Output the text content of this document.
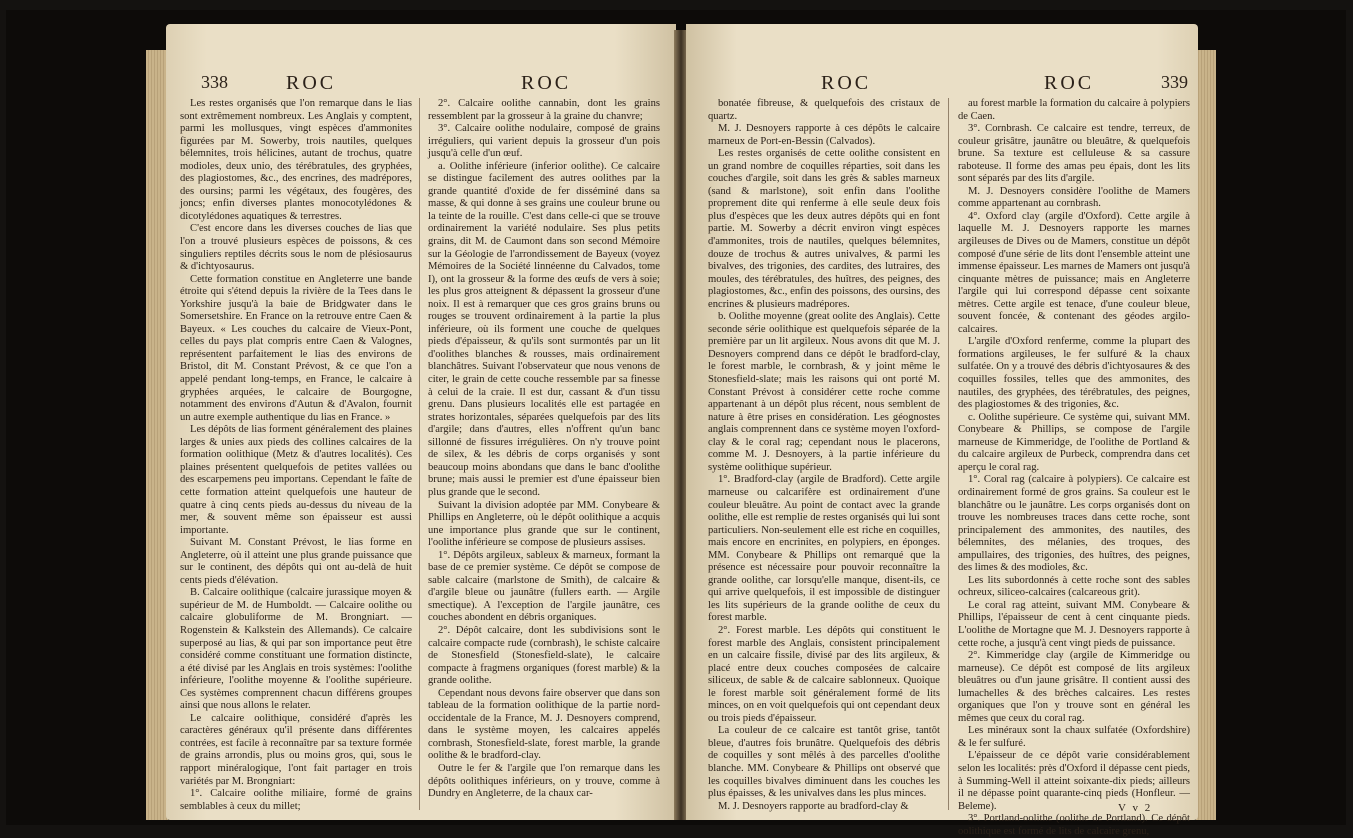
338	ROC	ROC

Les restes organisés que l'on remarque dans le lias sont extrêmement nombreux. Les Anglais y comptent, parmi les mollusques, vingt espèces d'ammonites figurées par M. Sowerby, trois nautiles, quelques bélemnites, trois hélicines, autant de trochus, quatre modioles, deux unio, des térébratules, des gryphées, des plagiostomes, &c., des encrines, des madrépores, des oursins; parmi les végétaux, des fougères, des joncs; enfin diverses plantes monocotylédones & dicotylédones aquatiques & terrestres.

C'est encore dans les diverses couches de lias que l'on a trouvé plusieurs espèces de poissons, & ces singuliers reptiles décrits sous le nom de plésiosaurus & d'ichtyosaurus.

Cette formation constitue en Angleterre une bande étroite qui s'étend depuis la rivière de la Tees dans le Yorkshire jusqu'à la baie de Bridgwater dans le Somersetshire. En France on la retrouve entre Caen & Bayeux. « Les couches du calcaire de Vieux-Pont, celles du pays plat compris entre Caen & Valognes, représentent parfaitement le lias des environs de Bristol, dit M. Constant Prévost, & ce que l'on a appelé pendant long-temps, en France, le calcaire à gryphées arquées, le calcaire de Bourgogne, notamment des environs d'Autun & d'Avalon, fournit un autre exemple authentique du lias en France. »

Les dépôts de lias forment généralement des plaines larges & unies aux pieds des collines calcaires de la formation oolithique (Metz & d'autres localités). Ces plaines présentent quelquefois de petites vallées ou des escarpemens peu importans. Cependant le faîte de cette formation atteint quelquefois une hauteur de quatre à cinq cents pieds au-dessus du niveau de la mer, & souvent même son épaisseur est aussi importante.

Suivant M. Constant Prévost, le lias forme en Angleterre, où il atteint une plus grande puissance que sur le continent, des dépôts qui ont au-delà de huit cents pieds d'élévation.

B. Calcaire oolithique (calcaire jurassique moyen & supérieur de M. de Humboldt. — Calcaire oolithe ou calcaire globuliforme de M. Brongniart. — Rogenstein & Kalkstein des Allemands). Ce calcaire superposé au lias, & qui par son importance peut être considéré comme constituant une formation distincte, a été divisé par les Anglais en trois systèmes: l'oolithe inférieure, l'oolithe moyenne & l'oolithe supérieure. Ces systèmes comprennent chacun différens groupes ainsi que nous allons le relater.

Le calcaire oolithique, considéré d'après les caractères généraux qu'il présente dans différentes contrées, est facile à reconnaître par sa texture formée de grains arrondis, plus ou moins gros, qui, sous le rapport minéralogique, l'ont fait partager en trois variétés par M. Brongniart:

1°. Calcaire oolithe miliaire, formé de grains semblables à ceux du millet;

2°. Calcaire oolithe cannabin, dont les grains ressemblent par la grosseur à la graine du chanvre;

3°. Calcaire oolithe nodulaire, composé de grains irréguliers, qui varient depuis la grosseur d'un pois jusqu'à celle d'un œuf.

a. Oolithe inférieure (inferior oolithe). Ce calcaire se distingue facilement des autres oolithes par la grande quantité d'oxide de fer disséminé dans sa masse, & qui donne à ses grains une couleur brune ou la teinte de la rouille. C'est dans celle-ci que se trouve ordinairement la variété nodulaire. Ses plus petits grains, dit M. de Caumont dans son second Mémoire sur la Géologie de l'arrondissement de Bayeux (voyez Mémoires de la Société linnéenne du Calvados, tome I), ont la grosseur & la forme des œufs de vers à soie; les plus gros atteignent & dépassent la grosseur d'une noix. Il est à remarquer que ces gros grains bruns ou rouges se trouvent ordinairement à la partie la plus inférieure, où ils forment une couche de quelques pieds d'épaisseur, & qu'ils sont surmontés par un lit d'oolithes blanches & rousses, mais ordinairement blanchâtres. Suivant l'observateur que nous venons de citer, le grain de cette couche ressemble par sa finesse à celui de la craie. Il est dur, cassant & d'un tissu grenu. Dans plusieurs localités elle est partagée en strates horizontales, séparées quelquefois par des lits d'argile; dans d'autres, elles n'offrent qu'un banc sillonné de fissures irrégulières. On n'y trouve point de silex, & les débris de corps organisés y sont beaucoup moins abondans que dans le banc d'oolithe brune; mais aussi le premier est d'une épaisseur bien plus grande que le second.

Suivant la division adoptée par MM. Conybeare & Phillips en Angleterre, où le dépôt oolithique a acquis une importance plus grande que sur le continent, l'oolithe inférieure se compose de plusieurs assises.

1°. Dépôts argileux, sableux & marneux, formant la base de ce premier système. Ce dépôt se compose de sable calcaire (marlstone de Smith), de calcaire & d'argile bleue ou jaunâtre (fullers earth. — Argile smectique). A l'exception de l'argile jaunâtre, ces couches abondent en débris organiques.

2°. Dépôt calcaire, dont les subdivisions sont le calcaire compacte rude (cornbrash), le schiste calcaire de Stonesfield (Stonesfield-slate), le calcaire compacte à fragmens organiques (forest marble) & la grande oolithe.

Cependant nous devons faire observer que dans son tableau de la formation oolithique de la partie nord-occidentale de la France, M. J. Desnoyers comprend, dans le système moyen, les calcaires appelés cornbrash, Stonesfield-slate, forest marble, la grande oolithe & le bradford-clay.

Outre le fer & l'argile que l'on remarque dans les dépôts oolithiques inférieurs, on y trouve, comme à Dundry en Angleterre, de la chaux car-

ROC	ROC	339

bonatée fibreuse, & quelquefois des cristaux de quartz.

M. J. Desnoyers rapporte à ces dépôts le calcaire marneux de Port-en-Bessin (Calvados).

Les restes organisés de cette oolithe consistent en un grand nombre de coquilles réparties, soit dans les couches d'argile, soit dans les grès & sables marneux (sand & marlstone), soit enfin dans l'oolithe proprement dite qui renferme à elle seule deux fois plus d'espèces que les deux autres dépôts qui en font partie. M. Sowerby a décrit environ vingt espèces d'ammonites, trois de nautiles, quelques bélemnites, douze de trochus & autres univalves, & parmi les bivalves, des trigonies, des cardites, des lutraires, des moules, des térébratules, des huîtres, des peignes, des plagiostomes, &c., enfin des poissons, des oursins, des encrines & plusieurs madrépores.

b. Oolithe moyenne (great oolite des Anglais). Cette seconde série oolithique est quelquefois séparée de la première par un lit argileux. Nous avons dit que M. J. Desnoyers comprend dans ce dépôt le bradford-clay, le forest marble, le cornbrash, & y joint même le Stonesfield-slate; mais les raisons qui ont porté M. Constant Prévost à considérer cette roche comme appartenant à un dépôt plus récent, nous semblent de nature à être prises en considération. Les géognostes anglais comprennent dans ce système moyen l'oxford-clay & le coral rag; cependant nous le placerons, comme M. J. Desnoyers, à la partie inférieure du système oolithique supérieur.

1°. Bradford-clay (argile de Bradford). Cette argile marneuse ou calcarifère est ordinairement d'une couleur bleuâtre. Au point de contact avec la grande oolithe, elle est remplie de restes organisés qui lui sont particuliers. Non-seulement elle est riche en coquilles, mais encore en encrinites, en polypiers, en éponges. MM. Conybeare & Phillips ont remarqué que la présence est nécessaire pour pouvoir reconnaître la grande oolithe, car lorsqu'elle manque, disent-ils, ce qui arrive quelquefois, il est impossible de distinguer les lits supérieurs de la grande oolithe de ceux du forest marble.

2°. Forest marble. Les dépôts qui constituent le forest marble des Anglais, consistent principalement en un calcaire fissile, divisé par des lits argileux, & placé entre deux couches composées de calcaire siliceux, de sable & de calcaire sablonneux. Quoique le forest marble soit généralement formé de lits minces, on en voit quelquefois qui ont cependant deux ou trois pieds d'épaisseur.

La couleur de ce calcaire est tantôt grise, tantôt bleue, d'autres fois brunâtre. Quelquefois des débris de coquilles y sont mêlés à des parcelles d'oolithe blanche. MM. Conybeare & Phillips ont observé que les coquilles bivalves diminuent dans les couches les plus épaisses, & les univalves dans les plus minces.

M. J. Desnoyers rapporte au bradford-clay &

au forest marble la formation du calcaire à polypiers de Caen.

3°. Cornbrash. Ce calcaire est tendre, terreux, de couleur grisâtre, jaunâtre ou bleuâtre, & quelquefois brune. Sa texture est celluleuse & sa cassure raboteuse. Il forme des amas peu épais, dont les lits sont séparés par des lits d'argile.

M. J. Desnoyers considère l'oolithe de Mamers comme appartenant au cornbrash.

4°. Oxford clay (argile d'Oxford). Cette argile à laquelle M. J. Desnoyers rapporte les marnes argileuses de Dives ou de Mamers, constitue un dépôt composé d'une série de lits dont l'ensemble atteint une immense épaisseur. Les marnes de Mamers ont jusqu'à cinquante mètres de puissance; mais en Angleterre l'argile qui lui correspond dépasse cent soixante mètres. Cette argile est tenace, d'une couleur bleue, souvent foncée, & contenant des géodes argilo-calcaires.

L'argile d'Oxford renferme, comme la plupart des formations argileuses, le fer sulfuré & la chaux sulfatée. On y a trouvé des débris d'ichtyosaures & des coquilles fossiles, telles que des ammonites, des nautiles, des gryphées, des térébratules, des peignes, des plagiostomes & des trigonies, &c.

c. Oolithe supérieure. Ce système qui, suivant MM. Conybeare & Phillips, se compose de l'argile marneuse de Kimmeridge, de l'oolithe de Portland & du calcaire argileux de Purbeck, comprendra dans cet aperçu le coral rag.

1°. Coral rag (calcaire à polypiers). Ce calcaire est ordinairement formé de gros grains. Sa couleur est le blanchâtre ou le jaunâtre. Les corps organisés dont on trouve les nombreuses traces dans cette roche, sont principalement des ammonites, des nautiles, des bélemnites, des mélanies, des troques, des ampullaires, des trigonies, des huîtres, des peignes, des limes & des modioles, &c.

Les lits subordonnés à cette roche sont des sables ochreux, siliceo-calcaires (calcareous grit).

Le coral rag atteint, suivant MM. Conybeare & Phillips, l'épaisseur de cent à cent cinquante pieds. L'oolithe de Mortagne que M. J. Desnoyers rapporte à cette roche, a jusqu'à cent vingt pieds de puissance.

2°. Kimmeridge clay (argile de Kimmeridge ou marneuse). Ce dépôt est composé de lits argileux bleuâtres ou d'un jaune grisâtre. Il contient aussi des lumachelles & des brèches calcaires. Les restes organiques que l'on y trouve sont en général les mêmes que ceux du coral rag.

Les minéraux sont la chaux sulfatée (Oxfordshire) & le fer sulfuré.

L'épaisseur de ce dépôt varie considérablement selon les localités: près d'Oxford il dépasse cent pieds, à Summing-Well il atteint soixante-dix pieds; ailleurs il ne dépasse point quarante-cinq pieds (Honfleur. — Beleme).

3°. Portland-oolithe (oolithe de Portland). Ce dépôt oolithique est formé de lits de calcaire grenu,

V v 2
